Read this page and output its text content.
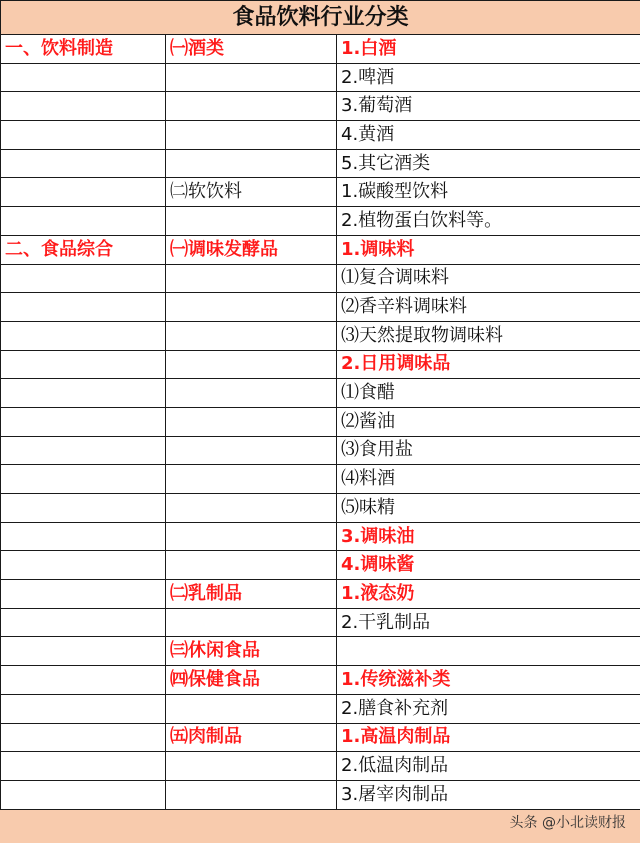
食品饮料行业分类		
一、饮料制造	㈠酒类	1.白酒
		2.啤酒
		3.葡萄酒
		4.黄酒
		5.其它酒类
	㈡软饮料	1.碳酸型饮料
		2.植物蛋白饮料等。
二、食品综合	㈠调味发酵品	1.调味料
		⑴复合调味料
		⑵香辛料调味料
		⑶天然提取物调味料
		2.日用调味品
		⑴食醋
		⑵酱油
		⑶食用盐
		⑷料酒
		⑸味精
		3.调味油
		4.调味酱
	㈡乳制品	1.液态奶
		2.干乳制品
	㈢休闲食品	
	㈣保健食品	1.传统滋补类
		2.膳食补充剂
	㈤肉制品	1.高温肉制品
		2.低温肉制品
		3.屠宰肉制品
头条 @小北读财报
